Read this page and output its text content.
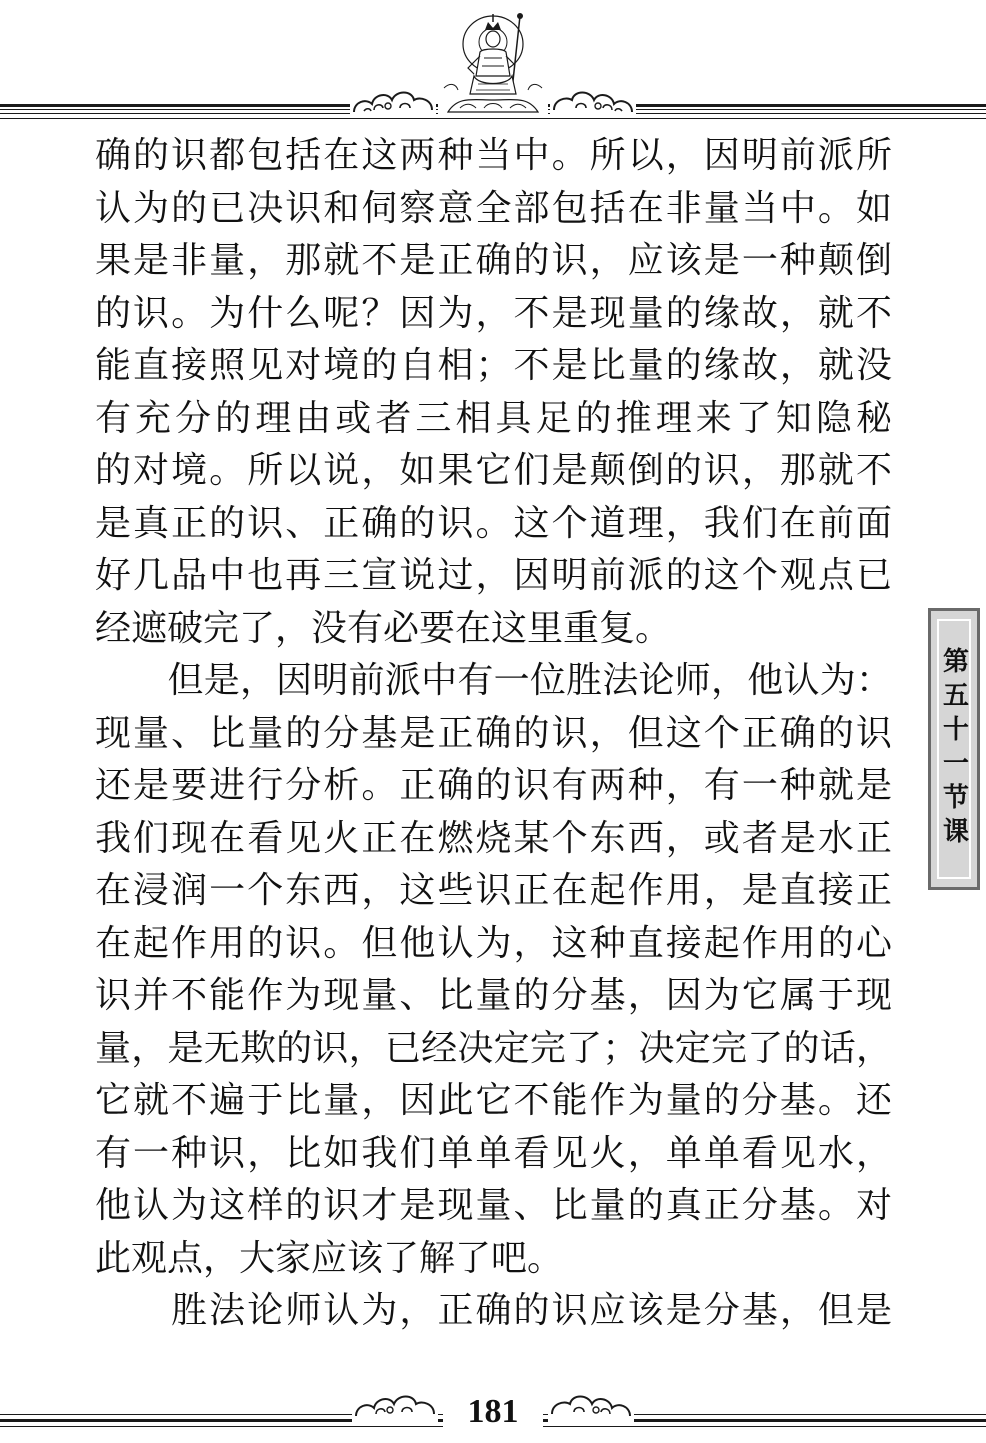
确的识都包括在这两种当中。所以，因明前派所
认为的已决识和伺察意全部包括在非量当中。如
果是非量，那就不是正确的识，应该是一种颠倒
的识。为什么呢？因为，不是现量的缘故，就不
能直接照见对境的自相；不是比量的缘故，就没
有充分的理由或者三相具足的推理来了知隐秘
的对境。所以说，如果它们是颠倒的识，那就不
是真正的识、正确的识。这个道理，我们在前面
好几品中也再三宣说过，因明前派的这个观点已
经遮破完了，没有必要在这里重复。
　　但是，因明前派中有一位胜法论师，他认为：
现量、比量的分基是正确的识，但这个正确的识
还是要进行分析。正确的识有两种，有一种就是
我们现在看见火正在燃烧某个东西，或者是水正
在浸润一个东西，这些识正在起作用，是直接正
在起作用的识。但他认为，这种直接起作用的心
识并不能作为现量、比量的分基，因为它属于现
量，是无欺的识，已经决定完了；决定完了的话，
它就不遍于比量，因此它不能作为量的分基。还
有一种识，比如我们单单看见火，单单看见水，
他认为这样的识才是现量、比量的真正分基。对
此观点，大家应该了解了吧。
　　胜法论师认为，正确的识应该是分基，但是
第五十一节课
181
